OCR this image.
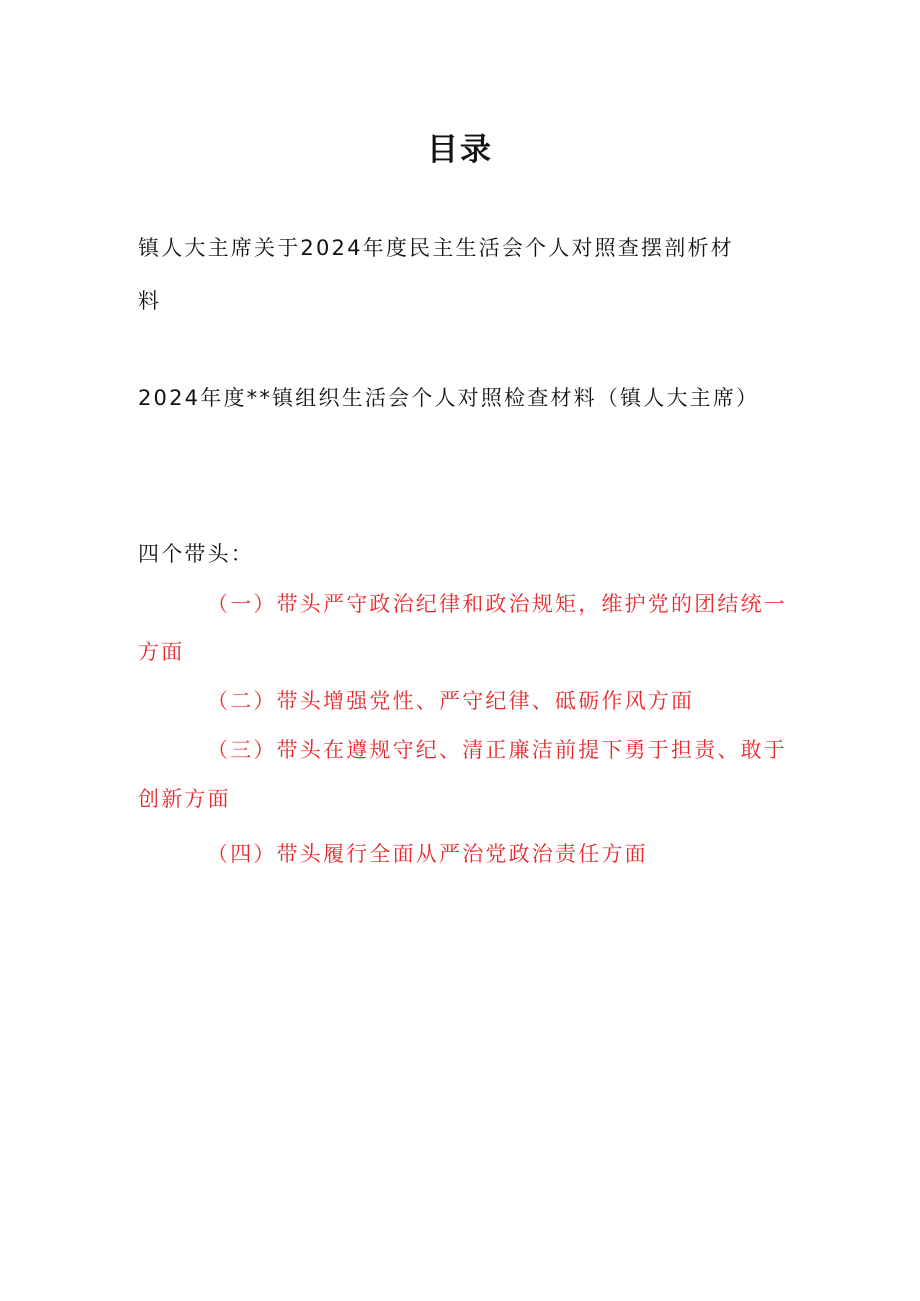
目录
镇人大主席关于2024年度民主生活会个人对照查摆剖析材
料
2024年度**镇组织生活会个人对照检查材料（镇人大主席）
四个带头：
（一）带头严守政治纪律和政治规矩，维护党的团结统一
方面
（二）带头增强党性、严守纪律、砥砺作风方面
（三）带头在遵规守纪、清正廉洁前提下勇于担责、敢于
创新方面
（四）带头履行全面从严治党政治责任方面
